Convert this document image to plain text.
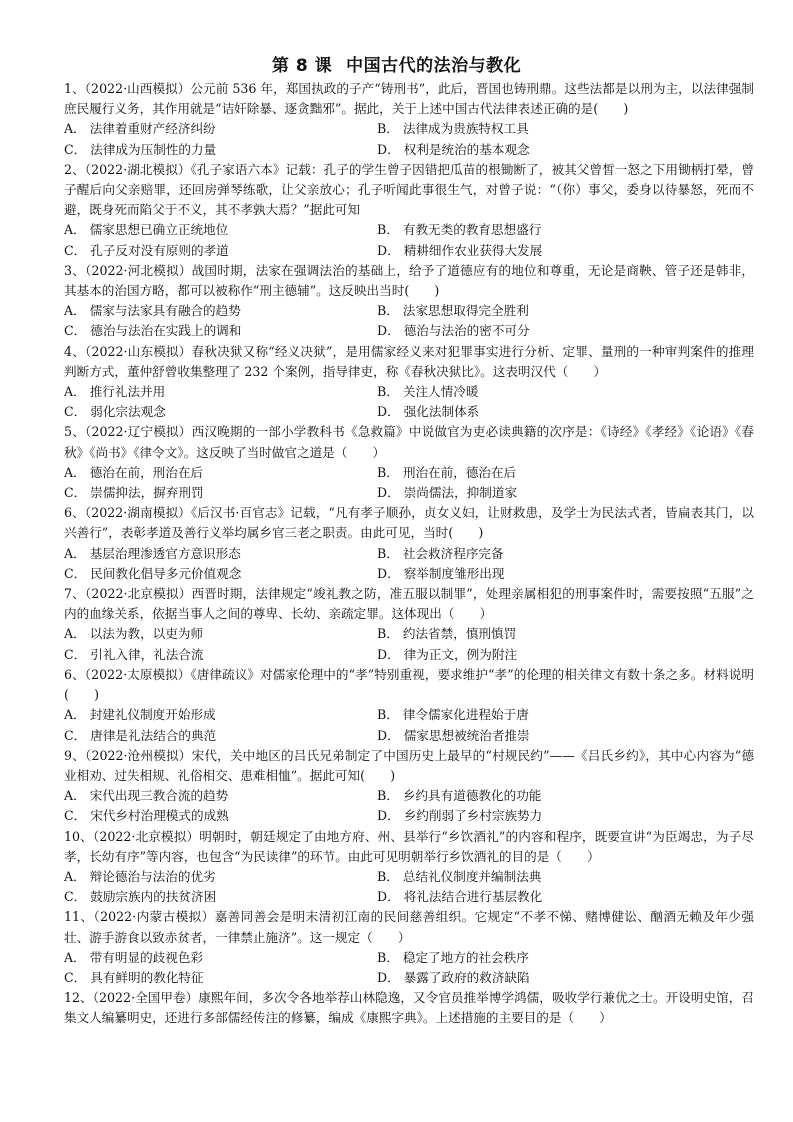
第 8 课 中国古代的法治与教化

1、（2022·山西模拟）公元前 536 年，郑国执政的子产“铸刑书”，此后，晋国也铸刑鼎。这些法都是以刑为主，以法律强制庶民履行义务，其作用就是“诘奸除暴、逐贪黜邪”。据此，关于上述中国古代法律表述正确的是(　　)

A． 法律着重财产经济纠纷	B． 法律成为贵族特权工具
C． 法律成为压制性的力量	D． 权利是统治的基本观念

2、（2022·湖北模拟）《孔子家语六本》记载：孔子的学生曾子因错把瓜苗的根锄断了，被其父曾皙一怒之下用锄柄打晕，曾子醒后向父亲赔罪，还回房弹琴练歌，让父亲放心；孔子听闻此事很生气，对曾子说：“（你）事父，委身以待暴怒，死而不避，既身死而陷父于不义，其不孝孰大焉？”据此可知

A． 儒家思想已确立正统地位	B． 有教无类的教育思想盛行
C． 孔子反对没有原则的孝道	D． 精耕细作农业获得大发展

3、（2022·河北模拟）战国时期，法家在强调法治的基础上，给予了道德应有的地位和尊重，无论是商鞅、管子还是韩非，其基本的治国方略，都可以被称作“刑主德辅”。这反映出当时(　　)

A． 儒家与法家具有融合的趋势	B． 法家思想取得完全胜利
C． 德治与法治在实践上的调和	D． 德治与法治的密不可分

4、（2022·山东模拟）春秋决狱又称“经义决狱”，是用儒家经义来对犯罪事实进行分析、定罪、量刑的一种审判案件的推理判断方式，董仲舒曾收集整理了 232 个案例，指导律吏，称《春秋决狱比》。这表明汉代（　　）

A． 推行礼法并用	B． 关注人情冷暖
C． 弱化宗法观念	D． 强化法制体系

5、（2022·辽宁模拟）西汉晚期的一部小学教科书《急救篇》中说做官为吏必读典籍的次序是：《诗经》《孝经》《论语》《春秋》《尚书》《律令文》。这反映了当时做官之道是（　　）

A． 德治在前，刑治在后	B． 刑治在前，德治在后
C． 崇儒抑法，摒弃刑罚	D． 崇尚儒法，抑制道家

6、（2022·湖南模拟）《后汉书·百官志》记载，“凡有孝子顺孙，贞女义妇，让财救患，及学士为民法式者，皆扁表其门，以兴善行”，表彰孝道及善行义举均属乡官三老之职责。由此可见，当时(　　)

A． 基层治理渗透官方意识形态	B． 社会救济程序完备
C． 民间教化倡导多元价值观念	D． 察举制度雏形出现

7、（2022·北京模拟）西晋时期，法律规定“竣礼教之防，准五服以制罪”，处理亲属相犯的刑事案件时，需要按照“五服”之内的血缘关系，依据当事人之间的尊卑、长幼、亲疏定罪。这体现出（　　）

A． 以法为教，以吏为师	B． 约法省禁，慎刑慎罚
C． 引礼入律，礼法合流	D． 律为正文，例为附注

6、（2022·太原模拟）《唐律疏议》对儒家伦理中的“孝”特别重视，要求维护“孝”的伦理的相关律文有数十条之多。材料说明(　　)

A． 封建礼仪制度开始形成	B． 律令儒家化进程始于唐
C． 唐律是礼法结合的典范	D． 儒家思想被统治者推崇

9、（2022·沧州模拟）宋代，关中地区的吕氏兄弟制定了中国历史上最早的“村规民约”——《吕氏乡约》，其中心内容为“德业相劝、过失相规、礼俗相交、患难相恤”。据此可知(　　)

A． 宋代出现三教合流的趋势	B． 乡约具有道德教化的功能
C． 宋代乡村治理模式的成熟	D． 乡约削弱了乡村宗族势力

10、（2022·北京模拟）明朝时，朝廷规定了由地方府、州、县举行“乡饮酒礼”的内容和程序，既要宣讲“为臣竭忠，为子尽孝，长幼有序”等内容，也包含“为民读律”的环节。由此可见明朝举行乡饮酒礼的目的是（　　）

A． 辩论德治与法治的优劣	B． 总结礼仪制度并编制法典
C． 鼓励宗族内的扶贫济困	D． 将礼法结合进行基层教化

11、（2022·内蒙古模拟）嘉善同善会是明末清初江南的民间慈善组织。它规定“不孝不悌、赌博健讼、酗酒无赖及年少强壮、游手游食以致赤贫者，一律禁止施济”。这一规定（　　）

A． 带有明显的歧视色彩	B． 稳定了地方的社会秩序
C． 具有鲜明的教化特征	D． 暴露了政府的救济缺陷

12、（2022·全国甲卷）康熙年间，多次令各地举荐山林隐逸，又令官员推举博学鸿儒，吸收学行兼优之士。开设明史馆，召集文人编纂明史，还进行多部儒经传注的修纂，编成《康熙字典》。上述措施的主要目的是（　　）
